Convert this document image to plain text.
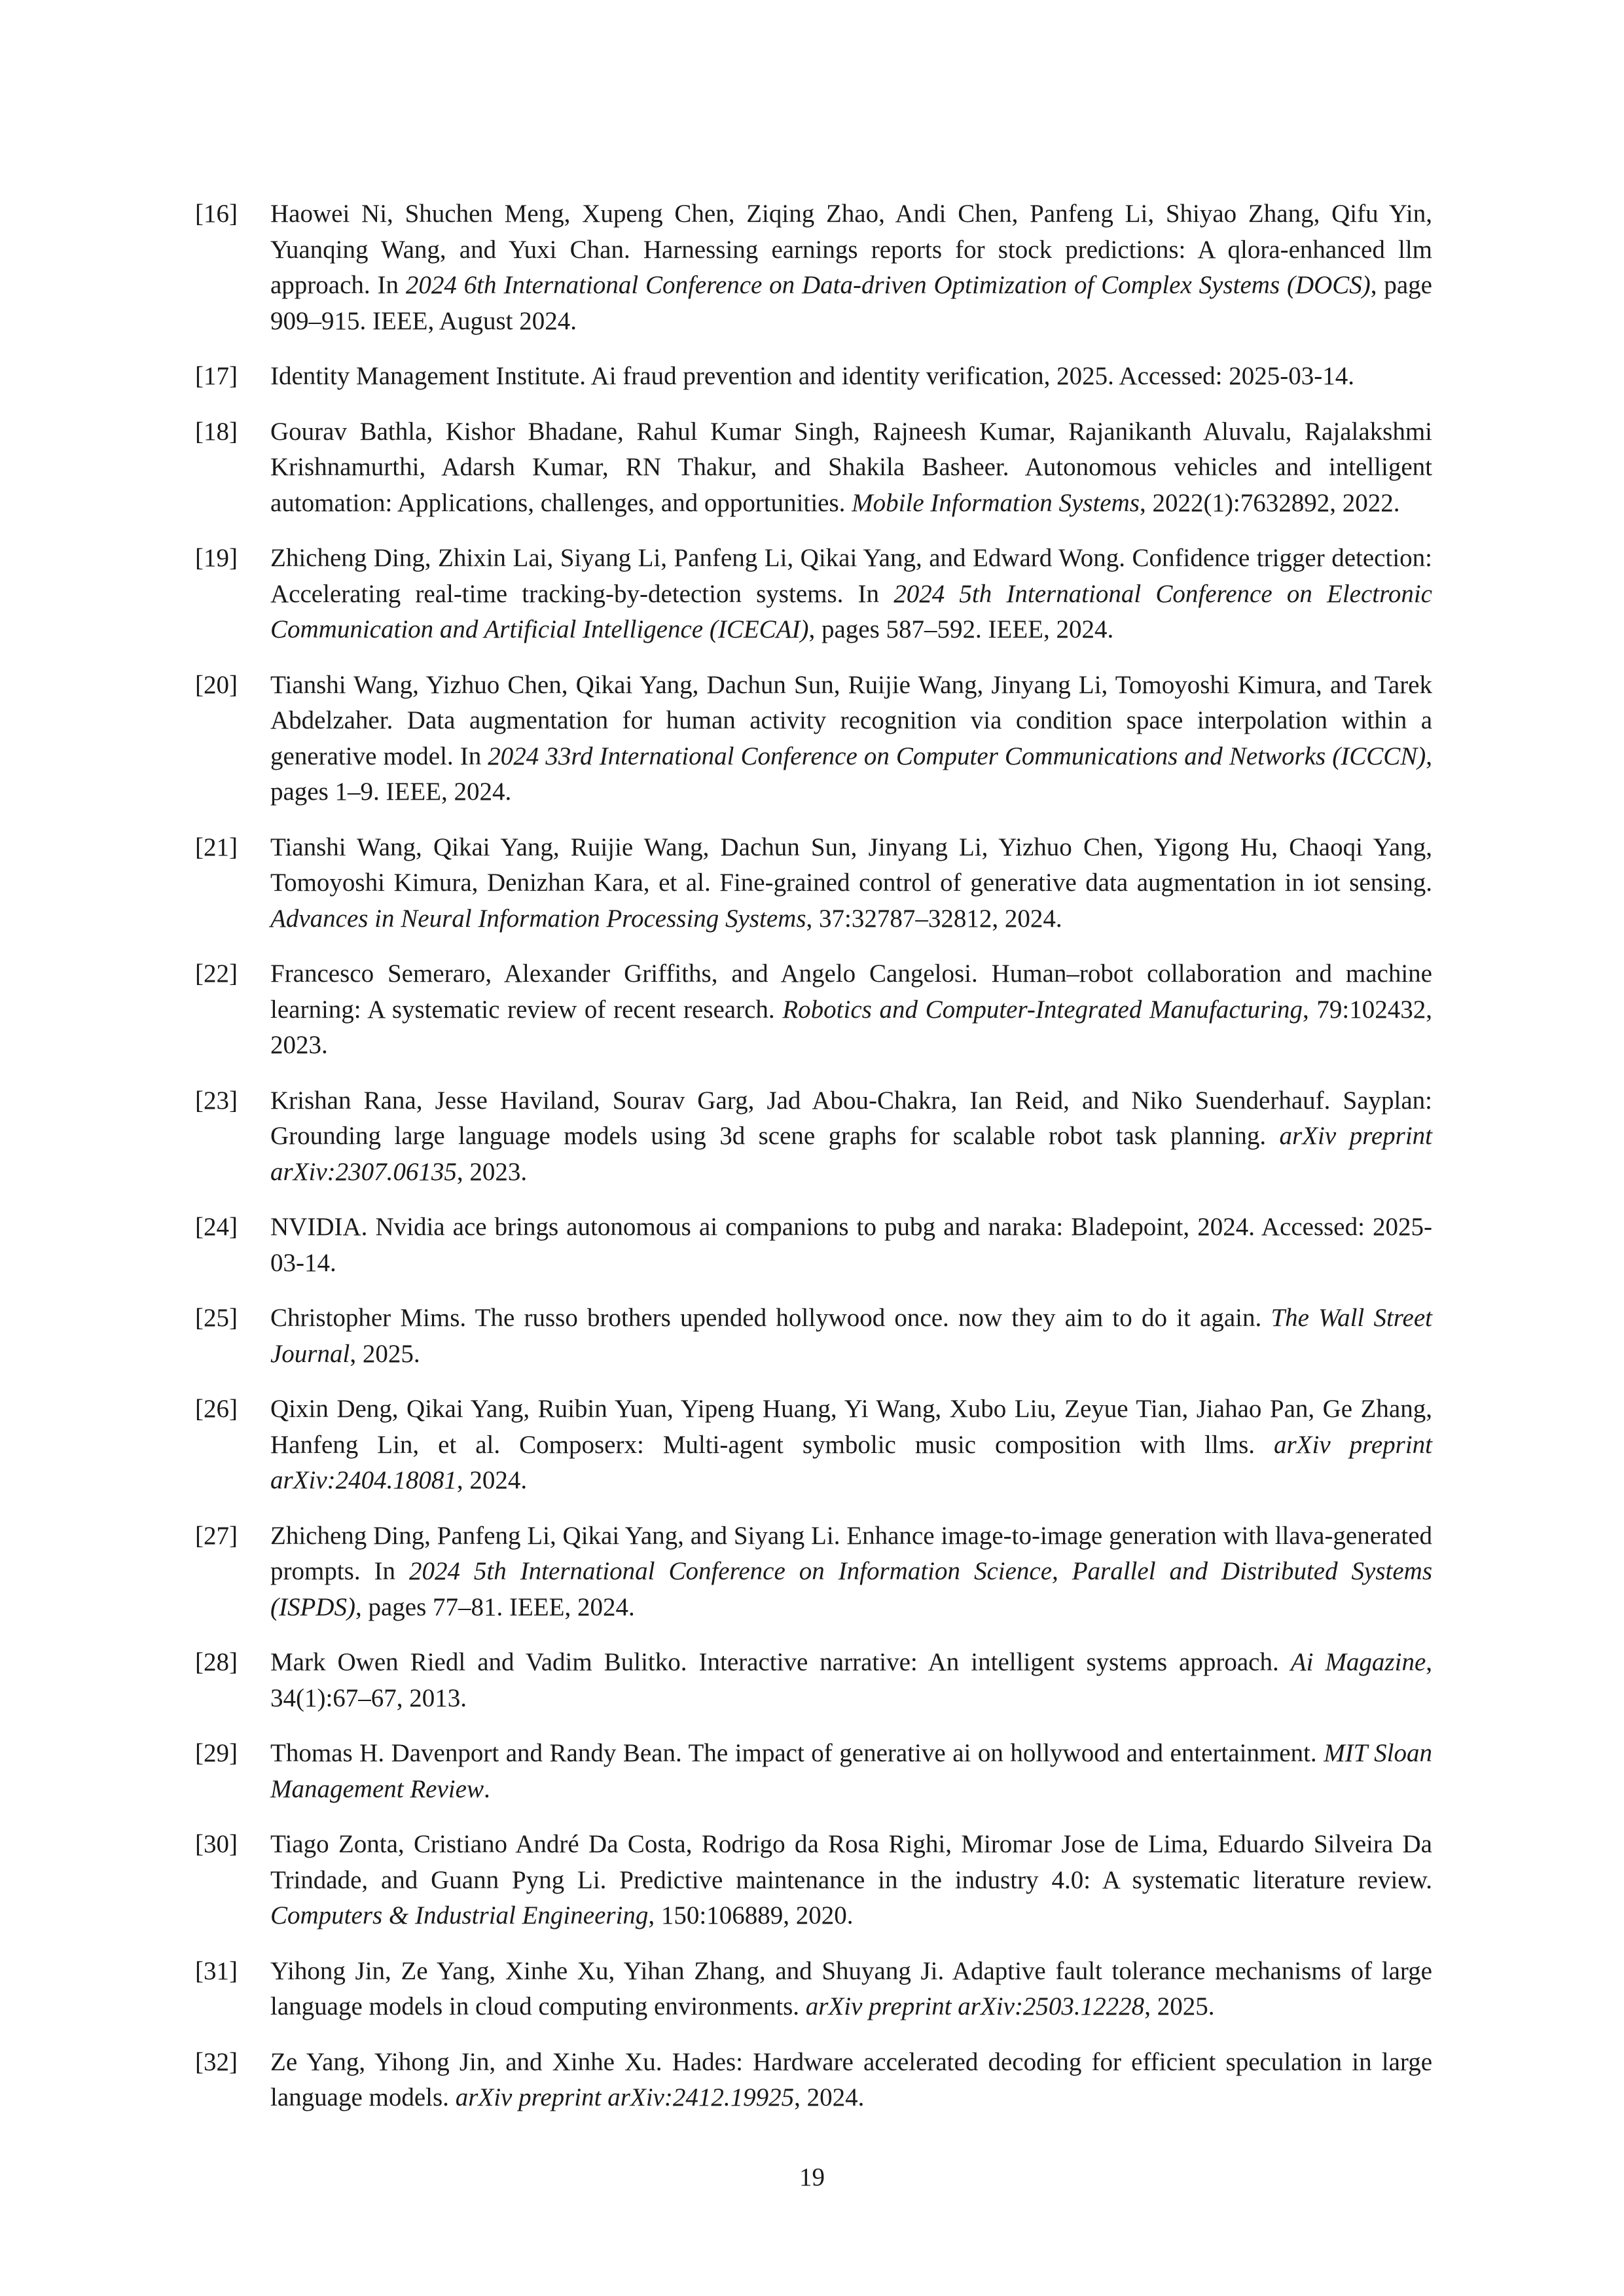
[16] Haowei Ni, Shuchen Meng, Xupeng Chen, Ziqing Zhao, Andi Chen, Panfeng Li, Shiyao Zhang, Qifu Yin, Yuanqing Wang, and Yuxi Chan. Harnessing earnings reports for stock predictions: A qlora-enhanced llm approach. In 2024 6th International Conference on Data-driven Optimization of Complex Systems (DOCS), page 909–915. IEEE, August 2024.
[17] Identity Management Institute. Ai fraud prevention and identity verification, 2025. Accessed: 2025-03-14.
[18] Gourav Bathla, Kishor Bhadane, Rahul Kumar Singh, Rajneesh Kumar, Rajanikanth Aluvalu, Rajalakshmi Krishnamurthi, Adarsh Kumar, RN Thakur, and Shakila Basheer. Autonomous vehicles and intelligent automation: Applications, challenges, and opportunities. Mobile Information Systems, 2022(1):7632892, 2022.
[19] Zhicheng Ding, Zhixin Lai, Siyang Li, Panfeng Li, Qikai Yang, and Edward Wong. Confidence trigger detection: Accelerating real-time tracking-by-detection systems. In 2024 5th International Conference on Electronic Communication and Artificial Intelligence (ICECAI), pages 587–592. IEEE, 2024.
[20] Tianshi Wang, Yizhuo Chen, Qikai Yang, Dachun Sun, Ruijie Wang, Jinyang Li, Tomoyoshi Kimura, and Tarek Abdelzaher. Data augmentation for human activity recognition via condition space interpolation within a generative model. In 2024 33rd International Conference on Computer Communications and Networks (ICCCN), pages 1–9. IEEE, 2024.
[21] Tianshi Wang, Qikai Yang, Ruijie Wang, Dachun Sun, Jinyang Li, Yizhuo Chen, Yigong Hu, Chaoqi Yang, Tomoyoshi Kimura, Denizhan Kara, et al. Fine-grained control of generative data augmentation in iot sensing. Advances in Neural Information Processing Systems, 37:32787–32812, 2024.
[22] Francesco Semeraro, Alexander Griffiths, and Angelo Cangelosi. Human–robot collaboration and machine learning: A systematic review of recent research. Robotics and Computer-Integrated Manufacturing, 79:102432, 2023.
[23] Krishan Rana, Jesse Haviland, Sourav Garg, Jad Abou-Chakra, Ian Reid, and Niko Suenderhauf. Sayplan: Grounding large language models using 3d scene graphs for scalable robot task planning. arXiv preprint arXiv:2307.06135, 2023.
[24] NVIDIA. Nvidia ace brings autonomous ai companions to pubg and naraka: Bladepoint, 2024. Accessed: 2025-03-14.
[25] Christopher Mims. The russo brothers upended hollywood once. now they aim to do it again. The Wall Street Journal, 2025.
[26] Qixin Deng, Qikai Yang, Ruibin Yuan, Yipeng Huang, Yi Wang, Xubo Liu, Zeyue Tian, Jiahao Pan, Ge Zhang, Hanfeng Lin, et al. Composerx: Multi-agent symbolic music composition with llms. arXiv preprint arXiv:2404.18081, 2024.
[27] Zhicheng Ding, Panfeng Li, Qikai Yang, and Siyang Li. Enhance image-to-image generation with llava-generated prompts. In 2024 5th International Conference on Information Science, Parallel and Distributed Systems (ISPDS), pages 77–81. IEEE, 2024.
[28] Mark Owen Riedl and Vadim Bulitko. Interactive narrative: An intelligent systems approach. Ai Magazine, 34(1):67–67, 2013.
[29] Thomas H. Davenport and Randy Bean. The impact of generative ai on hollywood and entertainment. MIT Sloan Management Review.
[30] Tiago Zonta, Cristiano André Da Costa, Rodrigo da Rosa Righi, Miromar Jose de Lima, Eduardo Silveira Da Trindade, and Guann Pyng Li. Predictive maintenance in the industry 4.0: A systematic literature review. Computers & Industrial Engineering, 150:106889, 2020.
[31] Yihong Jin, Ze Yang, Xinhe Xu, Yihan Zhang, and Shuyang Ji. Adaptive fault tolerance mechanisms of large language models in cloud computing environments. arXiv preprint arXiv:2503.12228, 2025.
[32] Ze Yang, Yihong Jin, and Xinhe Xu. Hades: Hardware accelerated decoding for efficient speculation in large language models. arXiv preprint arXiv:2412.19925, 2024.
19
